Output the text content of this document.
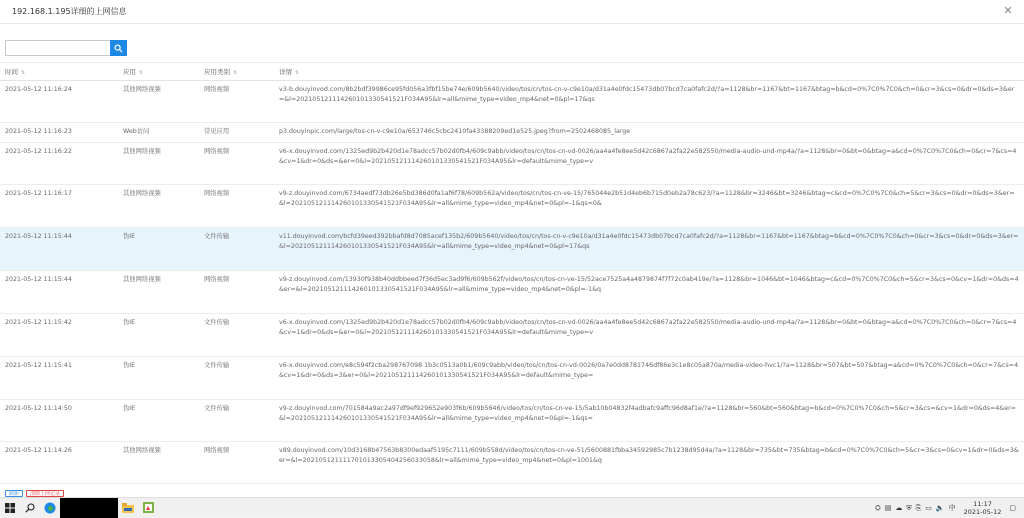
192.168.1.195详细的上网信息	✕
时间 ⇅	应用 ⇅	应用类别 ⇅	详情 ⇅
2021-05-12 11:16:24	其他网络视频	网络视频	v3-b.douyinvod.com/8b2bdf39986ce95fd056a3fbf15be74e/609b5640/video/tos/cn/tos-cn-v-c9e10a/d31a4e0fdc15473db07bcd7ca0fafc2d/?a=1128&br=1167&bt=1167&btag=b&cd=0%7C0%7C0&ch=0&cr=3&cs=0&dr=0&ds=3&er=&l=202105121114260101330541521F034A95&lr=all&mime_type=video_mp4&net=0&pl=17&qs
2021-05-12 11:16:23	Web访问	常见应用	p3.douyinpic.com/large/tos-cn-v-c9e10a/653746c5cbc2410fa43388209ed1e525.jpeg?from=2502468085_large
2021-05-12 11:16:22	其他网络视频	网络视频	v6-x.douyinvod.com/1325ed9b2b420d1e78adcc57b02d0fb4/609c9abb/video/tos/cn/tos-cn-vd-0026/aa4a4fe8ee5d42c6867a2fa22e582550/media-audio-und-mp4a/?a=1128&br=0&bt=0&btag=a&cd=0%7C0%7C0&ch=0&cr=7&cs=4&cv=1&dr=0&ds=&er=0&l=202105121114260101330541521F034A95&lr=default&mime_type=v
2021-05-12 11:16:17	其他网络视频	网络视频	v9-z.douyinvod.com/6734aedf73db26e5bd386d0fa1af6f78/609b562a/video/tos/cn/tos-cn-ve-15/765044e2b51d4eb6b715d0eb2a78c623/?a=1128&br=3246&bt=3246&btag=c&cd=0%7C0%7C0&ch=5&cr=3&cs=0&dr=0&ds=3&er=&l=202105121114260101330541521F034A95&lr=all&mime_type=video_mp4&net=0&pl=-1&qs=0&
2021-05-12 11:15:44	伪IE	文件传输	v11.douyinvod.com/bcfd39eed392bbafd8d7085acef135b2/609b5640/video/tos/cn/tos-cn-v-c9e10a/d31a4e0fdc15473db07bcd7ca0fafc2d/?a=1128&br=1167&bt=1167&btag=b&cd=0%7C0%7C0&ch=0&cr=3&cs=0&dr=0&ds=3&er=&l=202105121114260101330541521F034A95&lr=all&mime_type=video_mp4&net=0&pl=17&qs
2021-05-12 11:15:44	其他网络视频	网络视频	v9-z.douyinvod.com/13930f938b40ddbbeed7f36d5ec3ad9f6/609b562f/video/tos/cn/tos-cn-ve-15/52ace7525a4a4879874f7f72c0ab419e/?a=1128&br=1046&bt=1046&btag=c&cd=0%7C0%7C0&ch=5&cr=3&cs=0&cv=1&dr=0&ds=4&er=&l=202105121114260101330541521F034A95&lr=all&mime_type=video_mp4&net=0&pl=-1&q
2021-05-12 11:15:42	伪IE	文件传输	v6-x.douyinvod.com/1325ed9b2b420d1e78adcc57b02d0fb4/609c9abb/video/tos/cn/tos-cn-vd-0026/aa4a4fe8ee5d42c6867a2fa22e582550/media-audio-und-mp4a/?a=1128&br=0&bt=0&btag=a&cd=0%7C0%7C0&ch=0&cr=7&cs=4&cv=1&dr=0&ds=&er=0&l=202105121114260101330541521F034A95&lr=default&mime_type=v
2021-05-12 11:15:41	伪IE	文件传输	v6-x.douyinvod.com/e8c594f2cba298767098 1b3c0513a0b1/609c9abb/video/tos/cn/tos-cn-vd-0026/0a7e0dd8781746df86e3c1e8c05a870a/media-video-hvc1/?a=1128&br=507&bt=507&btag=a&cd=0%7C0%7C0&ch=0&cr=7&cs=4&cv=1&dr=0&ds=3&er=0&l=202105121114260101330541521F034A95&lr=default&mime_type=
2021-05-12 11:14:50	伪IE	文件传输	v9-z.douyinvod.com/701584a9ac2a97df9ef929652e903f6b/609b5646/video/tos/cn/tos-cn-ve-15/5ab10b04832f4adbafc9affc96d8af1e/?a=1128&br=560&bt=560&btag=b&cd=0%7C0%7C0&ch=5&cr=3&cs=&cv=1&dr=0&ds=4&er=&l=202105121114260101330541521F034A95&lr=all&mime_type=video_mp4&net=0&pl=-1&qs=
2021-05-12 11:14:26	其他网络视频	网络视频	v89.douyinvod.com/10d3168b47563b8300edaaf5195c7111/609b558d/video/tos/cn/tos-cn-ve-51/5600881fbba34592985c7b1238d95d4a/?a=1128&br=735&bt=735&btag=b&cd=0%7C0%7C0&ch=5&cr=3&cs=0&cv=1&dr=0&ds=3&er=&l=202105121111701013305404256033058&lr=all&mime_type=video_mp4&net=0&pl=1001&q
刷新	清除上网记录
⛭ ▤ ☁ ⛨ ⎘ ▭ 🔈 中	11:17
2021-05-12 ▢
